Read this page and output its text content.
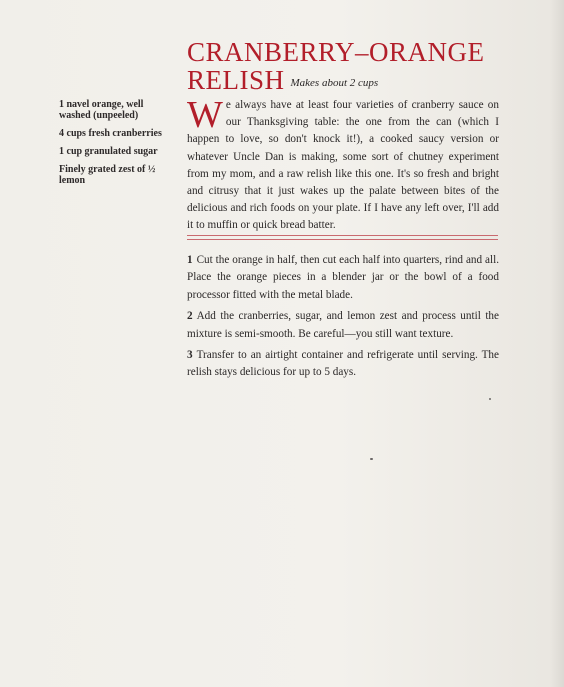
CRANBERRY–ORANGE
RELISH Makes about 2 cups
1 navel orange, well washed (unpeeled)
4 cups fresh cranberries
1 cup granulated sugar
Finely grated zest of ½ lemon

We always have at least four varieties of cranberry sauce on our Thanksgiving table: the one from the can (which I happen to love, so don't knock it!), a cooked saucy version or whatever Uncle Dan is making, some sort of chutney experiment from my mom, and a raw relish like this one. It's so fresh and bright and citrusy that it just wakes up the palate between bites of the delicious and rich foods on your plate. If I have any left over, I'll add it to muffin or quick bread batter.

1 Cut the orange in half, then cut each half into quarters, rind and all. Place the orange pieces in a blender jar or the bowl of a food processor fitted with the metal blade.
2 Add the cranberries, sugar, and lemon zest and process until the mixture is semi-smooth. Be careful—you still want texture.
3 Transfer to an airtight container and refrigerate until serving. The relish stays delicious for up to 5 days.
